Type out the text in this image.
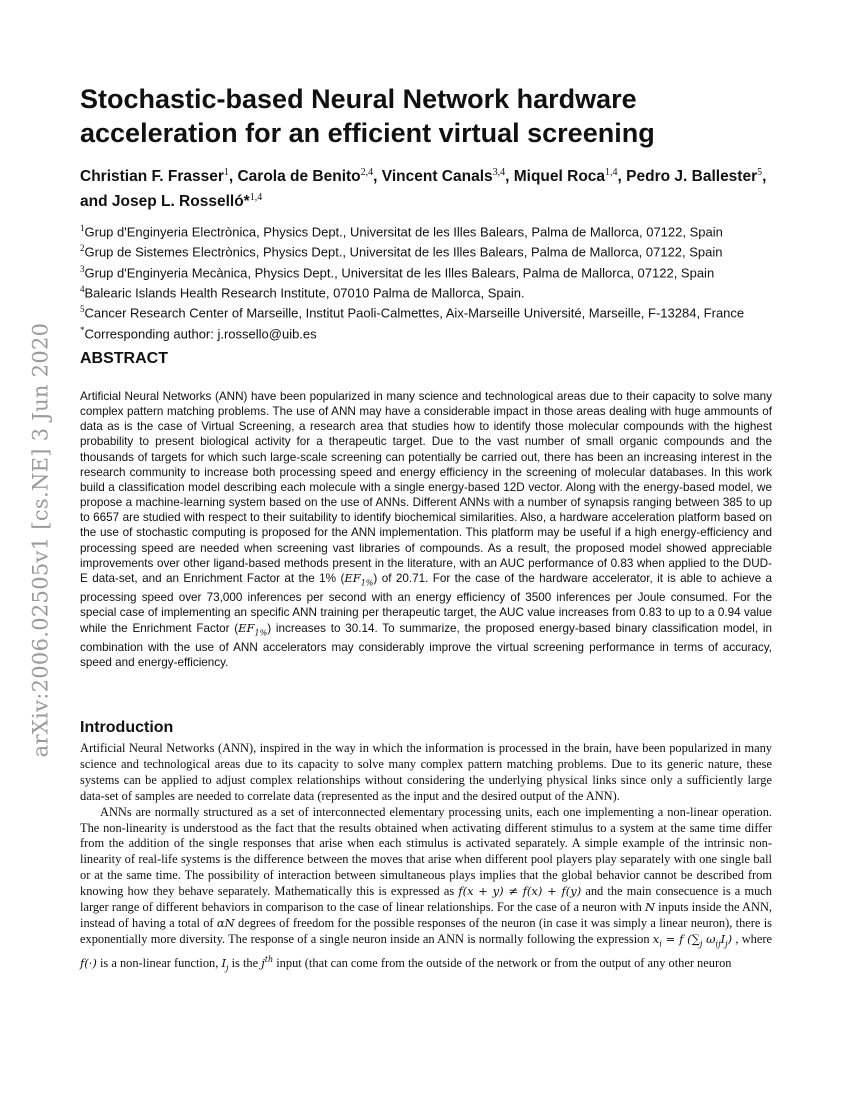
arXiv:2006.02505v1 [cs.NE] 3 Jun 2020
Stochastic-based Neural Network hardware
acceleration for an efficient virtual screening

Christian F. Frasser$^1$, Carola de Benito$^{2,4}$, Vincent Canals$^{3,4}$, Miquel Roca$^{1,4}$, Pedro J. Ballester$^5$, and Josep L. Rosselló*$^{1,4}$

$^1$Grup d'Enginyeria Electrònica, Physics Dept., Universitat de les Illes Balears, Palma de Mallorca, 07122, Spain
$^2$Grup de Sistemes Electrònics, Physics Dept., Universitat de les Illes Balears, Palma de Mallorca, 07122, Spain
$^3$Grup d'Enginyeria Mecànica, Physics Dept., Universitat de les Illes Balears, Palma de Mallorca, 07122, Spain
$^4$Balearic Islands Health Research Institute, 07010 Palma de Mallorca, Spain.
$^5$Cancer Research Center of Marseille, Institut Paoli-Calmettes, Aix-Marseille Université, Marseille, F-13284, France
*Corresponding author: j.rossello@uib.es
ABSTRACT

Artificial Neural Networks (ANN) have been popularized in many science and technological areas due to their capacity to solve many complex pattern matching problems. The use of ANN may have a considerable impact in those areas dealing with huge ammounts of data as is the case of Virtual Screening, a research area that studies how to identify those molecular compounds with the highest probability to present biological activity for a therapeutic target. Due to the vast number of small organic compounds and the thousands of targets for which such large-scale screening can potentially be carried out, there has been an increasing interest in the research community to increase both processing speed and energy efficiency in the screening of molecular databases. In this work build a classification model describing each molecule with a single energy-based 12D vector. Along with the energy-based model, we propose a machine-learning system based on the use of ANNs. Different ANNs with a number of synapsis ranging between 385 to up to 6657 are studied with respect to their suitability to identify biochemical similarities. Also, a hardware acceleration platform based on the use of stochastic computing is proposed for the ANN implementation. This platform may be useful if a high energy-efficiency and processing speed are needed when screening vast libraries of compounds. As a result, the proposed model showed appreciable improvements over other ligand-based methods present in the literature, with an AUC performance of 0.83 when applied to the DUD-E data-set, and an Enrichment Factor at the 1% $(EF_{1\%})$ of 20.71. For the case of the hardware accelerator, it is able to achieve a processing speed over 73,000 inferences per second with an energy efficiency of 3500 inferences per Joule consumed. For the special case of implementing an specific ANN training per therapeutic target, the AUC value increases from 0.83 to up to a 0.94 value while the Enrichment Factor $(EF_{1\%})$ increases to 30.14. To summarize, the proposed energy-based binary classification model, in combination with the use of ANN accelerators may considerably improve the virtual screening performance in terms of accuracy, speed and energy-efficiency.

Introduction

Artificial Neural Networks (ANN), inspired in the way in which the information is processed in the brain, have been popularized in many science and technological areas due to its capacity to solve many complex pattern matching problems. Due to its generic nature, these systems can be applied to adjust complex relationships without considering the underlying physical links since only a sufficiently large data-set of samples are needed to correlate data (represented as the input and the desired output of the ANN).

ANNs are normally structured as a set of interconnected elementary processing units, each one implementing a non-linear operation. The non-linearity is understood as the fact that the results obtained when activating different stimulus to a system at the same time differ from the addition of the single responses that arise when each stimulus is activated separately. A simple example of the intrinsic non-linearity of real-life systems is the difference between the moves that arise when different pool players play separately with one single ball or at the same time. The possibility of interaction between simultaneous plays implies that the global behavior cannot be described from knowing how they behave separately. Mathematically this is expressed as f(x + y) ≠ f(x) + f(y) and the main consecuence is a much larger range of different behaviors in comparison to the case of linear relationships. For the case of a neuron with N inputs inside the ANN, instead of having a total of αN degrees of freedom for the possible responses of the neuron (in case it was simply a linear neuron), there is exponentially more diversity. The response of a single neuron inside an ANN is normally following the expression $x_i = f$ ($\sum_j$ $\omega_{ij}I_j$) , where f(·) is a non-linear function, $I_j$ is the $j^{th}$ input (that can come from the outside of the network or from the output of any other neuron
